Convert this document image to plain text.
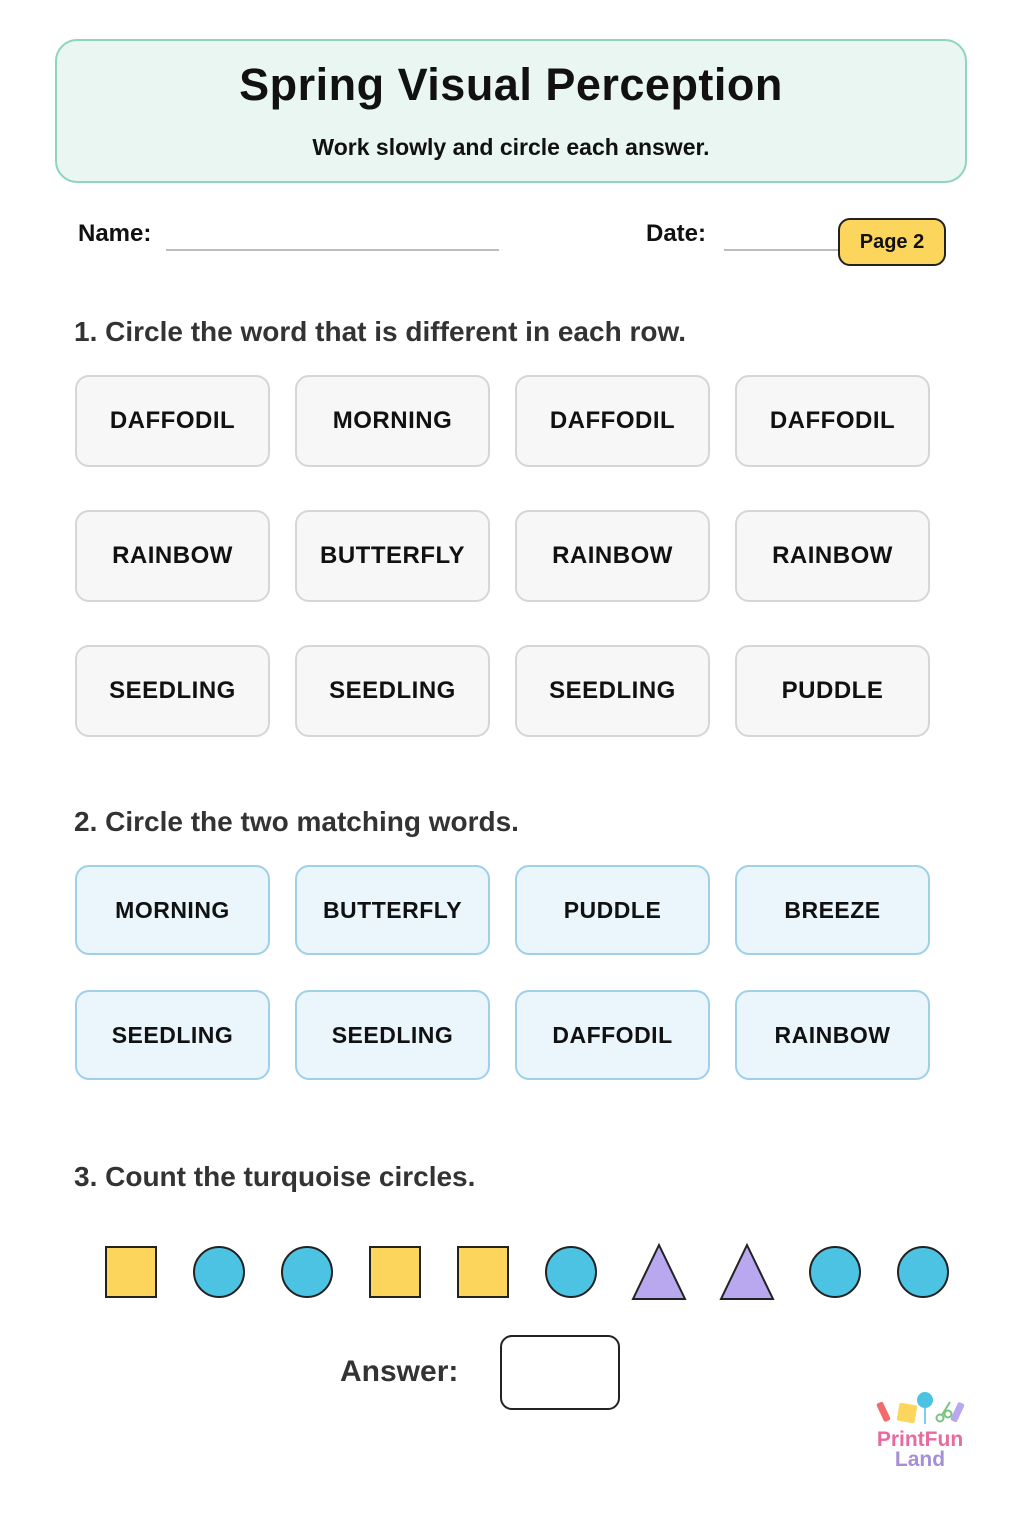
Spring Visual Perception
Work slowly and circle each answer.
Name:	Date:	Page 2
1. Circle the word that is different in each row.
DAFFODIL	MORNING	DAFFODIL	DAFFODIL
RAINBOW	BUTTERFLY	RAINBOW	RAINBOW
SEEDLING	SEEDLING	SEEDLING	PUDDLE
2. Circle the two matching words.
MORNING	BUTTERFLY	PUDDLE	BREEZE
SEEDLING	SEEDLING	DAFFODIL	RAINBOW
3. Count the turquoise circles.
Answer:
PrintFun
Land
